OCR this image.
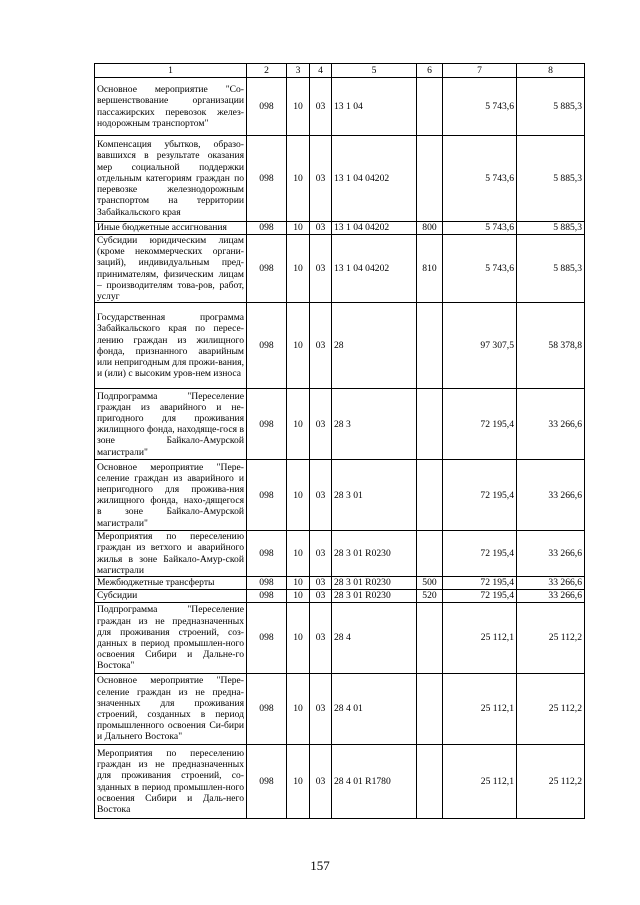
1	2	3	4	5	6	7	8
Основное мероприятие "Со-вершенствование организации пассажирских перевозок желез-нодорожным транспортом"	098	10	03	13 1 04		5 743,6	5 885,3
Компенсация убытков, образо-вавшихся в результате оказания мер социальной поддержки отдельным категориям граждан по перевозке железнодорожным транспортом на территории Забайкальского края	098	10	03	13 1 04 04202		5 743,6	5 885,3
Иные бюджетные ассигнования	098	10	03	13 1 04 04202	800	5 743,6	5 885,3
Субсидии юридическим лицам (кроме некоммерческих органи-заций), индивидуальным пред-принимателям, физическим лицам – производителям това-ров, работ, услуг	098	10	03	13 1 04 04202	810	5 743,6	5 885,3
Государственная программа Забайкальского края по пересе-лению граждан из жилищного фонда, признанного аварийным или непригодным для прожи-вания, и (или) с высоким уров-нем износа	098	10	03	28		97 307,5	58 378,8
Подпрограмма "Переселение граждан из аварийного и не-пригодного для проживания жилищного фонда, находяще-гося в зоне Байкало-Амурской магистрали"	098	10	03	28 3		72 195,4	33 266,6
Основное мероприятие "Пере-селение граждан из аварийного и непригодного для прожива-ния жилищного фонда, нахо-дящегося в зоне Байкало-Амурской магистрали"	098	10	03	28 3 01		72 195,4	33 266,6
Мероприятия по переселению граждан из ветхого и аварийного жилья в зоне Байкало-Амур-ской магистрали	098	10	03	28 3 01 R0230		72 195,4	33 266,6
Межбюджетные трансферты	098	10	03	28 3 01 R0230	500	72 195,4	33 266,6
Субсидии	098	10	03	28 3 01 R0230	520	72 195,4	33 266,6
Подпрограмма "Переселение граждан из не предназначенных для проживания строений, соз-данных в период промышлен-ного освоения Сибири и Дальне-го Востока"	098	10	03	28 4		25 112,1	25 112,2
Основное мероприятие "Пере-селение граждан из не предна-значенных для проживания строений, созданных в период промышленного освоения Си-бири и Дальнего Востока"	098	10	03	28 4 01		25 112,1	25 112,2
Мероприятия по переселению граждан из не предназначенных для проживания строений, со-зданных в период промышлен-ного освоения Сибири и Даль-него Востока	098	10	03	28 4 01 R1780		25 112,1	25 112,2
157
